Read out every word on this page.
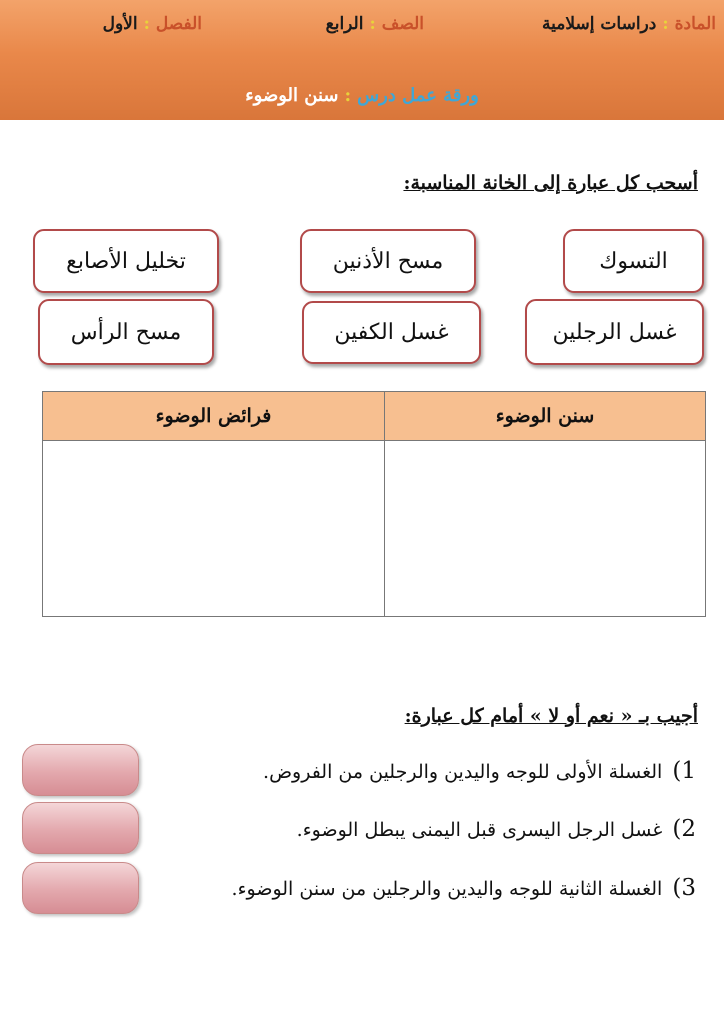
المادة:دراسات إسلامية
الصف:الرابع
الفصل:الأول
ورقة عمل درس:سنن الوضوء
أسحب كل عبارة إلى الخانة المناسبة:
التسوك
مسح الأذنين
تخليل الأصابع
غسل الرجلين
غسل الكفين
مسح الرأس
سنن الوضوء	فرائض الوضوء

أجيب بـ « نعم أو لا » أمام كل عبارة:
1) الغسلة الأولى للوجه واليدين والرجلين من الفروض.
2) غسل الرجل اليسرى قبل اليمنى يبطل الوضوء.
3) الغسلة الثانية للوجه واليدين والرجلين من سنن الوضوء.
